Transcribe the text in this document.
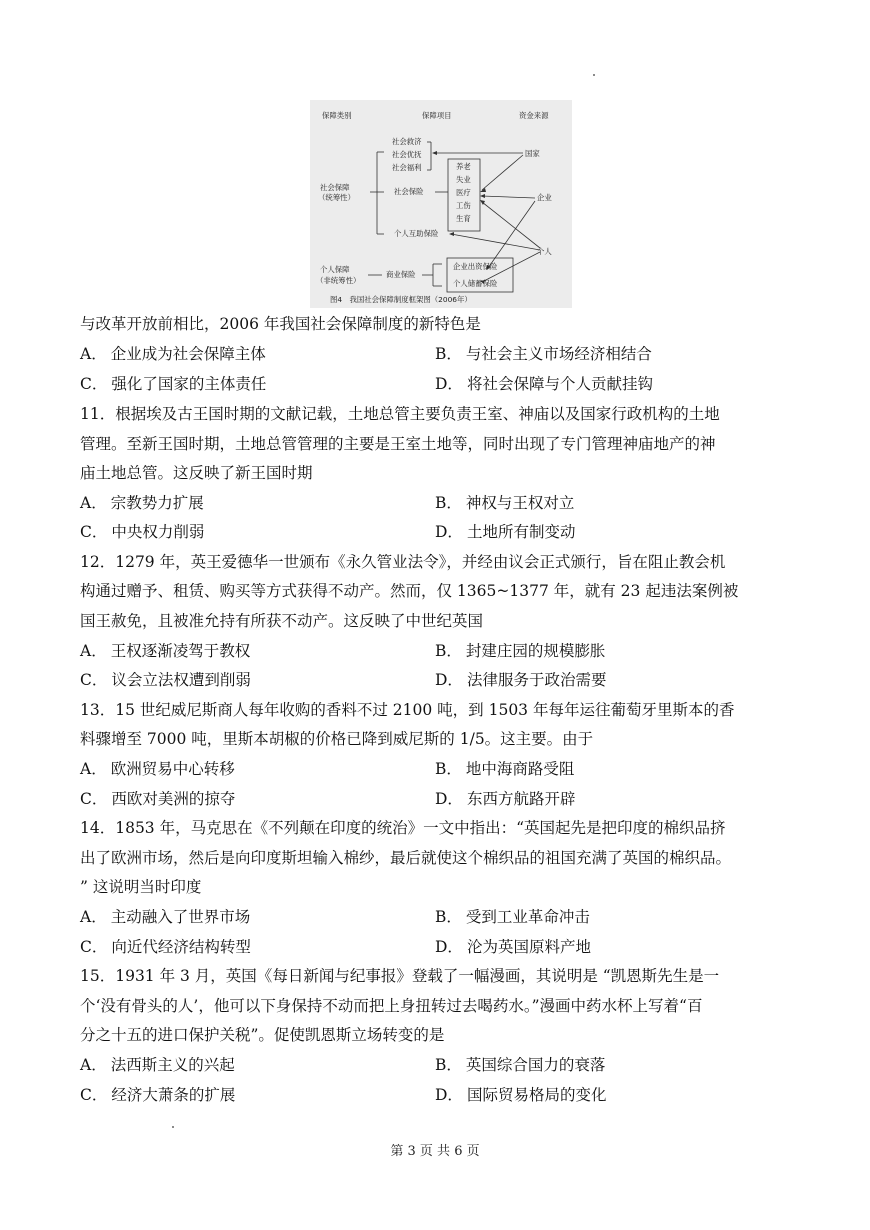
保障类别	保障项目	资金来源
社会保障
（统筹性）
社会救济
社会优抚
社会福利
社会保险
养老
失业
医疗
工伤
生育
个人互助保险
国家
企业
个人
个人保障
（非统筹性）
商业保险
企业出资保险
个人储蓄保险
图4　我国社会保障制度框架图（2006年）
与改革开放前相比，2006 年我国社会保障制度的新特色是
A． 企业成为社会保障主体	B． 与社会主义市场经济相结合
C． 强化了国家的主体责任	D． 将社会保障与个人贡献挂钩
11．根据埃及古王国时期的文献记载，土地总管主要负责王室、神庙以及国家行政机构的土地
管理。至新王国时期，土地总管管理的主要是王室土地等，同时出现了专门管理神庙地产的神
庙土地总管。这反映了新王国时期
A． 宗教势力扩展	B． 神权与王权对立
C． 中央权力削弱	D． 土地所有制变动
12．1279 年，英王爱德华一世颁布《永久管业法令》，并经由议会正式颁行，旨在阻止教会机
构通过赠予、租赁、购买等方式获得不动产。然而，仅 1365~1377 年，就有 23 起违法案例被
国王赦免，且被准允持有所获不动产。这反映了中世纪英国
A． 王权逐渐凌驾于教权	B． 封建庄园的规模膨胀
C． 议会立法权遭到削弱	D． 法律服务于政治需要
13．15 世纪威尼斯商人每年收购的香料不过 2100 吨，到 1503 年每年运往葡萄牙里斯本的香
料骤增至 7000 吨，里斯本胡椒的价格已降到威尼斯的 1/5。这主要。由于
A． 欧洲贸易中心转移	B． 地中海商路受阻
C． 西欧对美洲的掠夺	D． 东西方航路开辟
14．1853 年，马克思在《不列颠在印度的统治》一文中指出：“英国起先是把印度的棉织品挤
出了欧洲市场，然后是向印度斯坦输入棉纱，最后就使这个棉织品的祖国充满了英国的棉织品。
” 这说明当时印度
A． 主动融入了世界市场	B． 受到工业革命冲击
C． 向近代经济结构转型	D． 沦为英国原料产地
15．1931 年 3 月，英国《每日新闻与纪事报》登载了一幅漫画，其说明是 “凯恩斯先生是一
个‘没有骨头的人’，他可以下身保持不动而把上身扭转过去喝药水。”漫画中药水杯上写着“百
分之十五的进口保护关税”。促使凯恩斯立场转变的是
A． 法西斯主义的兴起	B． 英国综合国力的衰落
C． 经济大萧条的扩展	D． 国际贸易格局的变化
第 3 页 共 6 页
